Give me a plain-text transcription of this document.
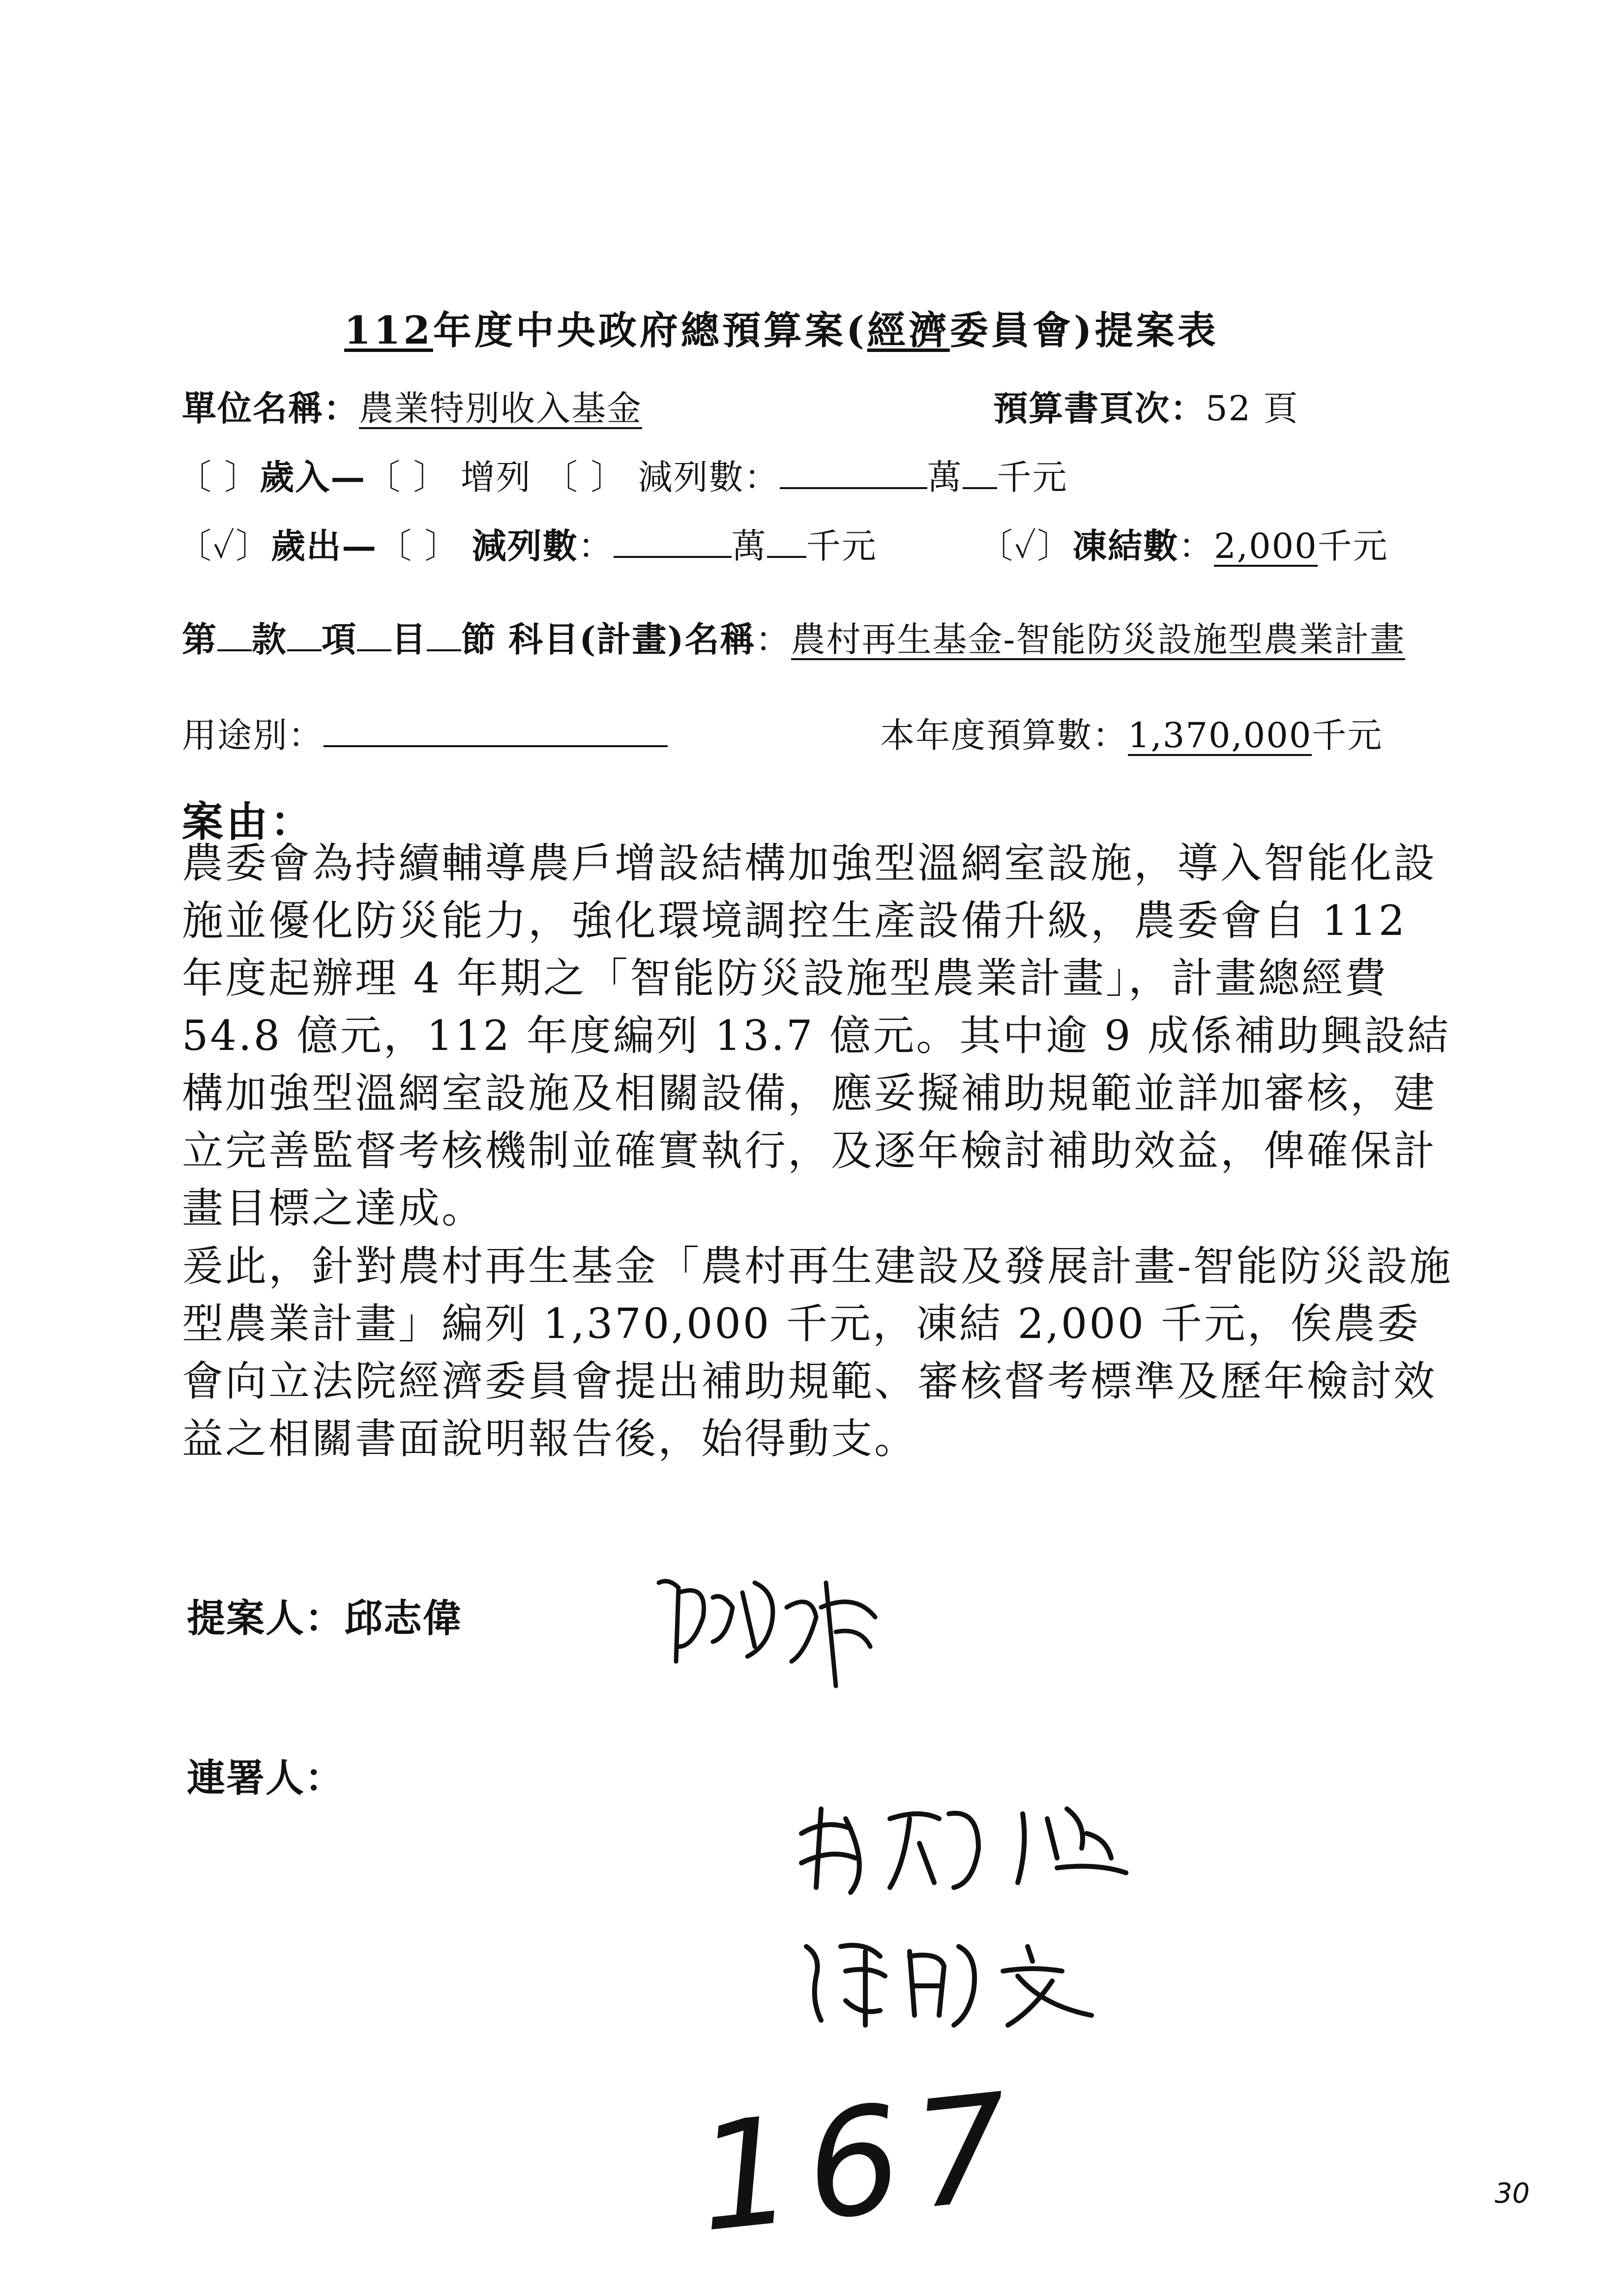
112年度中央政府總預算案(經濟委員會)提案表
單位名稱：農業特別收入基金	預算書頁次：52 頁
〔 〕歲入—〔 〕 增列 〔 〕 減列數：	萬 千元
〔✓〕歲出—〔 〕 減列數：	萬 千元	〔✓〕凍結數：2,000千元
第 款 項 目 節 科目(計畫)名稱：農村再生基金-智能防災設施型農業計畫
用途別：	本年度預算數：1,370,000千元
案由：
農委會為持續輔導農戶增設結構加強型溫網室設施，導入智能化設施並優化防災能力，強化環境調控生產設備升級，農委會自 112 年度起辦理 4 年期之「智能防災設施型農業計畫」，計畫總經費 54.8 億元，112 年度編列 13.7 億元。其中逾 9 成係補助興設結構加強型溫網室設施及相關設備，應妥擬補助規範並詳加審核，建立完善監督考核機制並確實執行，及逐年檢討補助效益，俾確保計畫目標之達成。
爰此，針對農村再生基金「農村再生建設及發展計畫-智能防災設施型農業計畫」編列 1,370,000 千元，凍結 2,000 千元，俟農委會向立法院經濟委員會提出補助規範、審核督考標準及歷年檢討效益之相關書面說明報告後，始得動支。
提案人：邱志偉
連署人：
167	30
